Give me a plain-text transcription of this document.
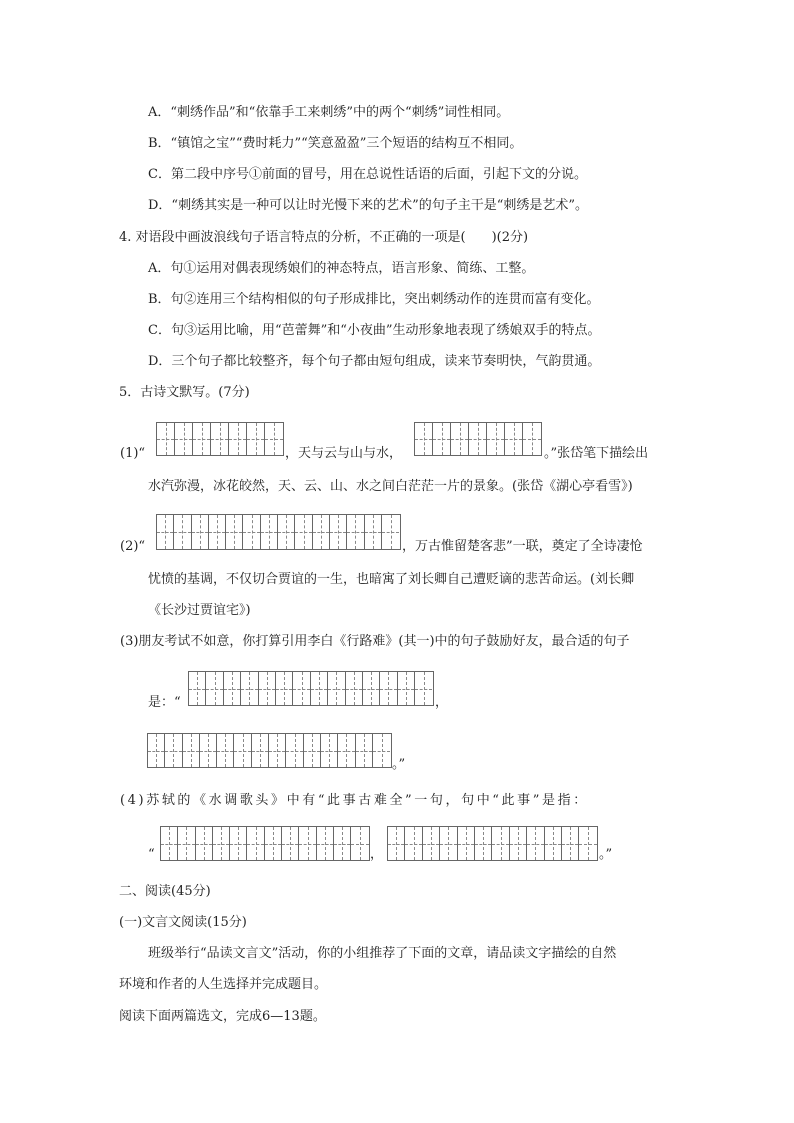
A．“刺绣作品”和“依靠手工来刺绣”中的两个“刺绣”词性相同。
B．“镇馆之宝”“费时耗力”“笑意盈盈”三个短语的结构互不相同。
C．第二段中序号①前面的冒号，用在总说性话语的后面，引起下文的分说。
D．“刺绣其实是一种可以让时光慢下来的艺术”的句子主干是“刺绣是艺术”。
4. 对语段中画波浪线句子语言特点的分析，不正确的一项是(　　)(2分)
A．句①运用对偶表现绣娘们的神态特点，语言形象、简练、工整。
B．句②连用三个结构相似的句子形成排比，突出刺绣动作的连贯而富有变化。
C．句③运用比喻，用“芭蕾舞”和“小夜曲”生动形象地表现了绣娘双手的特点。
D．三个句子都比较整齐，每个句子都由短句组成，读来节奏明快，气韵贯通。
5．古诗文默写。(7分)
(1)“	，天与云与山与水，	。”张岱笔下描绘出
水汽弥漫，冰花皎然，天、云、山、水之间白茫茫一片的景象。(张岱《湖心亭看雪》)
(2)“	，万古惟留楚客悲”一联，奠定了全诗凄怆
忧愤的基调，不仅切合贾谊的一生，也暗寓了刘长卿自己遭贬谪的悲苦命运。(刘长卿
《长沙过贾谊宅》)
(3)朋友考试不如意，你打算引用李白《行路难》(其一)中的句子鼓励好友，最合适的句子
是：“	，
。”
(4)苏轼的《水调歌头》中有“此事古难全”一句，句中“此事”是指：
“	，	。”
二、阅读(45分)
(一)文言文阅读(15分)
班级举行“品读文言文”活动，你的小组推荐了下面的文章，请品读文字描绘的自然
环境和作者的人生选择并完成题目。
阅读下面两篇选文，完成6—13题。
